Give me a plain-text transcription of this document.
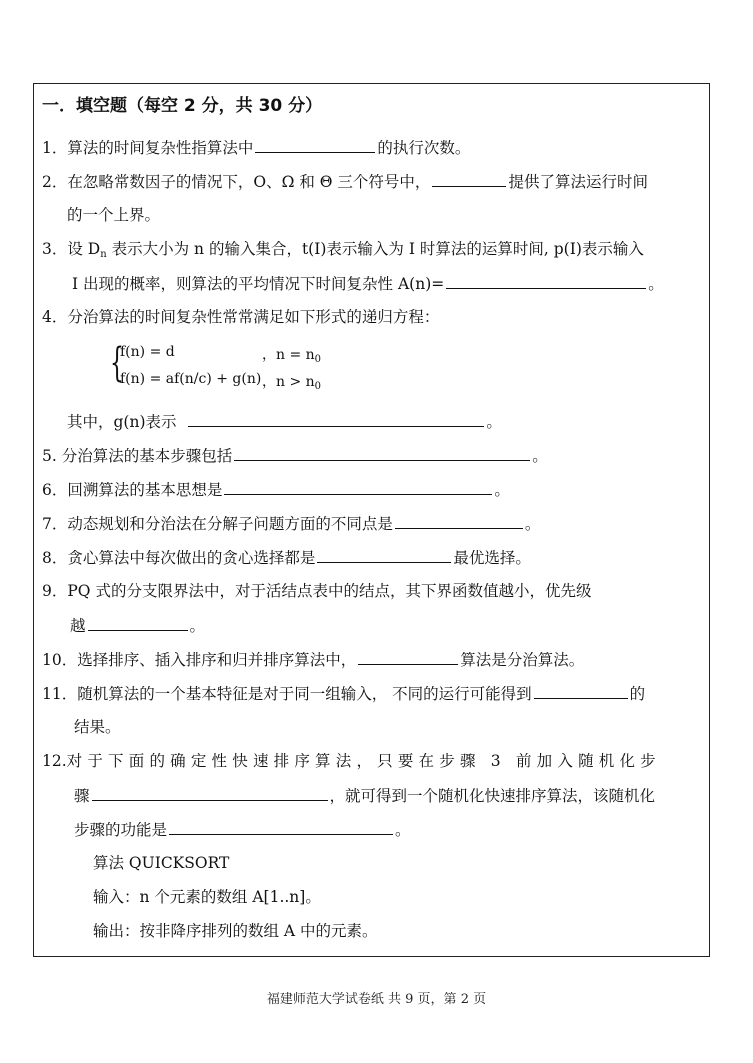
一．填空题（每空 2 分，共 30 分）
1．算法的时间复杂性指算法中	的执行次数。
2．在忽略常数因子的情况下，O、Ω 和 Θ 三个符号中，	提供了算法运行时间
的一个上界。
3．设 $D_n$ 表示大小为 n 的输入集合，t(I)表示输入为 I 时算法的运算时间, p(I)表示输入
I 出现的概率，则算法的平均情况下时间复杂性 A(n)=	。
4．分治算法的时间复杂性常常满足如下形式的递归方程：
{
f(n) = d	，$n = n_0$
f(n) = af(n/c) + g(n) ，$n > n_0$
其中，g(n)表示	。
5. 分治算法的基本步骤包括	。
6．回溯算法的基本思想是	。
7．动态规划和分治法在分解子问题方面的不同点是	。
8．贪心算法中每次做出的贪心选择都是	最优选择。
9．PQ 式的分支限界法中，对于活结点表中的结点，其下界函数值越小，优先级
越	。
10．选择排序、插入排序和归并排序算法中，	算法是分治算法。
11．随机算法的一个基本特征是对于同一组输入， 不同的运行可能得到	的
结果。
12.对于下面的确定性快速排序算法，只要在步骤 3 前加入随机化步
骤	，就可得到一个随机化快速排序算法，该随机化
步骤的功能是	。
算法 QUICKSORT
输入：n 个元素的数组 A[1..n]。
输出：按非降序排列的数组 A 中的元素。
福建师范大学试卷纸 共 9 页，第 2 页
